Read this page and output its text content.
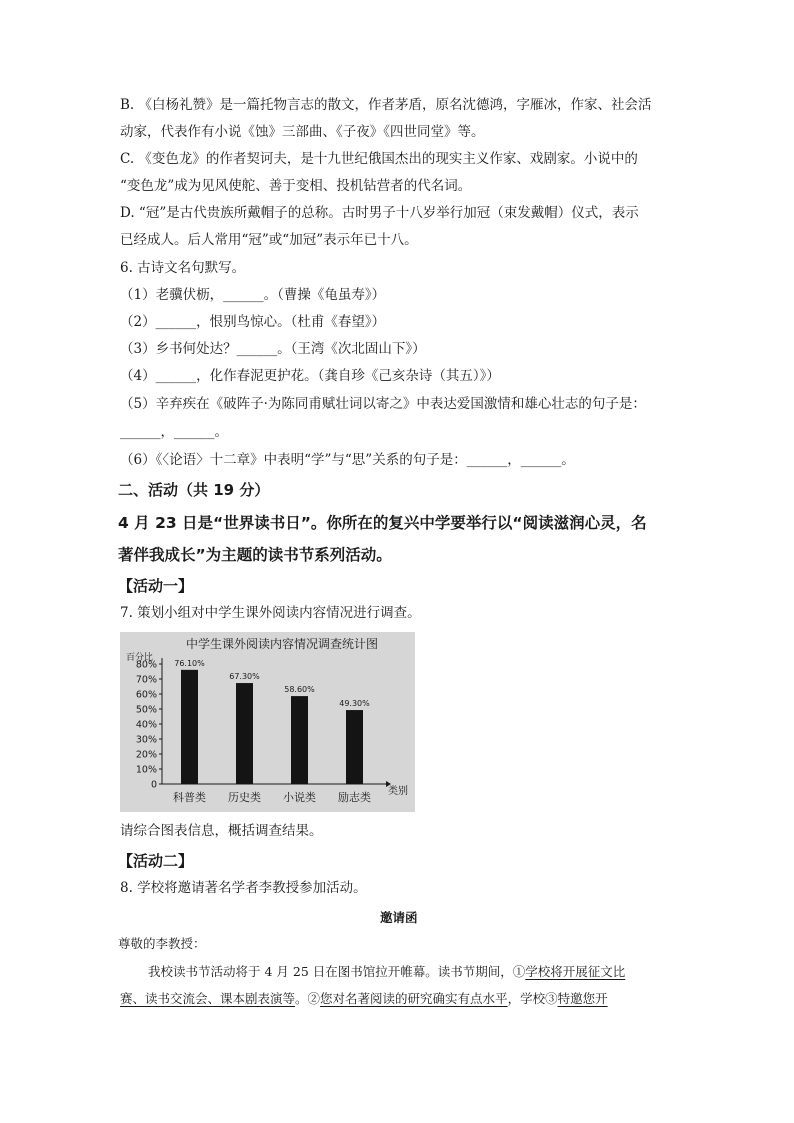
B. 《白杨礼赞》是一篇托物言志的散文，作者茅盾，原名沈德鸿，字雁冰，作家、社会活
动家，代表作有小说《蚀》三部曲、《子夜》《四世同堂》等。
C. 《变色龙》的作者契诃夫，是十九世纪俄国杰出的现实主义作家、戏剧家。小说中的
“变色龙”成为见风使舵、善于变相、投机钻营者的代名词。
D. “冠”是古代贵族所戴帽子的总称。古时男子十八岁举行加冠（束发戴帽）仪式，表示
已经成人。后人常用“冠”或“加冠”表示年已十八。
6. 古诗文名句默写。
（1）老骥伏枥，______。（曹操《龟虽寿》）
（2）______，恨别鸟惊心。（杜甫《春望》）
（3）乡书何处达？______。（王湾《次北固山下》）
（4）______，化作春泥更护花。（龚自珍《己亥杂诗（其五）》）
（5）辛弃疾在《破阵子·为陈同甫赋壮词以寄之》中表达爱国激情和雄心壮志的句子是：
______，______。
（6）《〈论语〉十二章》中表明“学”与“思”关系的句子是：______，______。
二、活动（共 19 分）
4 月 23 日是“世界读书日”。你所在的复兴中学要举行以“阅读滋润心灵，名
著伴我成长”为主题的读书节系列活动。
【活动一】
7. 策划小组对中学生课外阅读内容情况进行调查。
中学生课外阅读内容情况调查统计图
百分比
类别
0
10%
20%
30%
40%
50%
60%
70%
80%
科普类 历史类 小说类 励志类
76.10%
67.30%
58.60%
49.30%
请综合图表信息，概括调查结果。
【活动二】
8. 学校将邀请著名学者李教授参加活动。
邀请函
尊敬的李教授：
我校读书节活动将于 4 月 25 日在图书馆拉开帷幕。读书节期间，①学校将开展征文比
赛、读书交流会、课本剧表演等。②您对名著阅读的研究确实有点水平，学校③特邀您开
